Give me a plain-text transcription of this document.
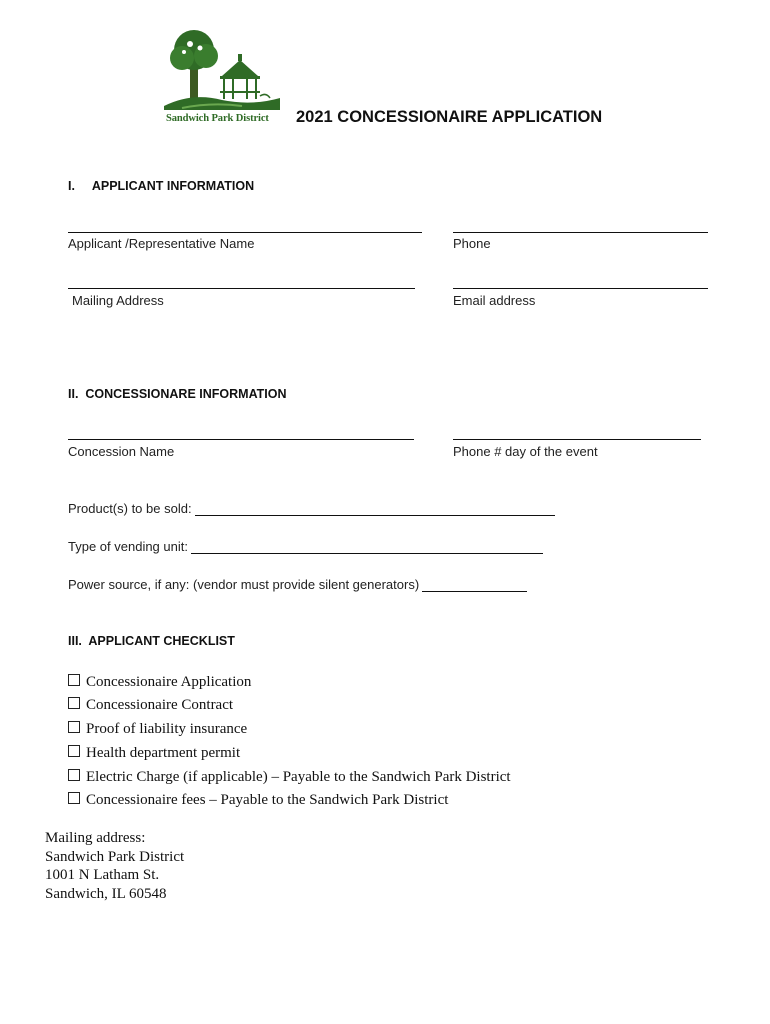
Sandwich Park District 2021 CONCESSIONAIRE APPLICATION
I.     APPLICANT INFORMATION
Applicant /Representative Name	Phone
Mailing Address	Email address
II.  CONCESSIONARE INFORMATION
Concession Name	Phone # day of the event
Product(s) to be sold:
Type of vending unit:
Power source, if any: (vendor must provide silent generators)
III.  APPLICANT CHECKLIST
Concessionaire Application
Concessionaire Contract
Proof of liability insurance
Health department permit
Electric Charge (if applicable) – Payable to the Sandwich Park District
Concessionaire fees – Payable to the Sandwich Park District
Mailing address:
Sandwich Park District
1001 N Latham St.
Sandwich, IL 60548
